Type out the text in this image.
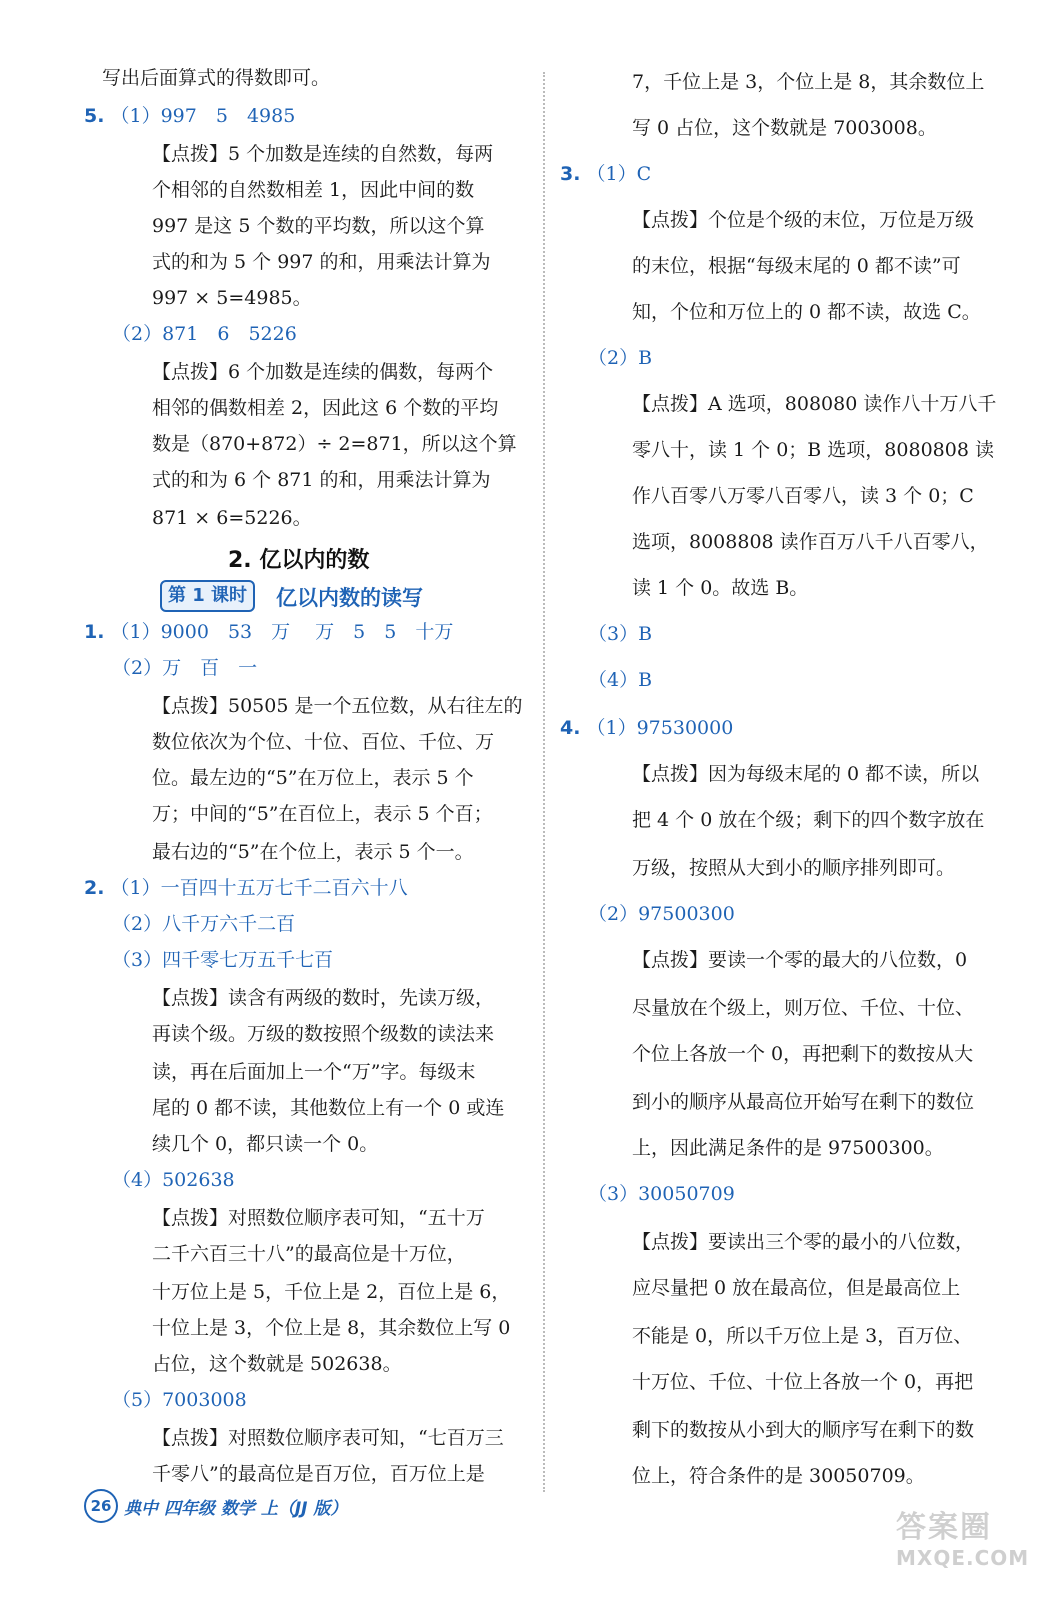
写出后面算式的得数即可。
5. （1）997　5　4985
【点拨】5 个加数是连续的自然数，每两
个相邻的自然数相差 1，因此中间的数
997 是这 5 个数的平均数，所以这个算
式的和为 5 个 997 的和，用乘法计算为
997 × 5=4985。
（2）871　6　5226
【点拨】6 个加数是连续的偶数，每两个
相邻的偶数相差 2，因此这 6 个数的平均
数是（870+872）÷ 2=871，所以这个算
式的和为 6 个 871 的和，用乘法计算为
871 × 6=5226。
2. 亿以内的数
第 1 课时	亿以内数的读写
1. （1）9000　53　万　 万　5　5　十万
（2）万　百　一
【点拨】50505 是一个五位数，从右往左的
数位依次为个位、十位、百位、千位、万
位。最左边的“5”在万位上，表示 5 个
万；中间的“5”在百位上，表示 5 个百；
最右边的“5”在个位上，表示 5 个一。
2. （1）一百四十五万七千二百六十八
（2）八千万六千二百
（3）四千零七万五千七百
【点拨】读含有两级的数时，先读万级，
再读个级。万级的数按照个级数的读法来
读，再在后面加上一个“万”字。每级末
尾的 0 都不读，其他数位上有一个 0 或连
续几个 0，都只读一个 0。
（4）502638
【点拨】对照数位顺序表可知，“五十万
二千六百三十八”的最高位是十万位，
十万位上是 5，千位上是 2，百位上是 6，
十位上是 3，个位上是 8，其余数位上写 0
占位，这个数就是 502638。
（5）7003008
【点拨】对照数位顺序表可知，“七百万三
千零八”的最高位是百万位，百万位上是
7，千位上是 3，个位上是 8，其余数位上
写 0 占位，这个数就是 7003008。
3. （1）C
【点拨】个位是个级的末位，万位是万级
的末位，根据“每级末尾的 0 都不读”可
知，个位和万位上的 0 都不读，故选 C。
（2）B
【点拨】A 选项，808080 读作八十万八千
零八十，读 1 个 0；B 选项，8080808 读
作八百零八万零八百零八，读 3 个 0；C
选项，8008808 读作百万八千八百零八，
读 1 个 0。故选 B。
（3）B
（4）B
4. （1）97530000
【点拨】因为每级末尾的 0 都不读，所以
把 4 个 0 放在个级；剩下的四个数字放在
万级，按照从大到小的顺序排列即可。
（2）97500300
【点拨】要读一个零的最大的八位数，0
尽量放在个级上，则万位、千位、十位、
个位上各放一个 0，再把剩下的数按从大
到小的顺序从最高位开始写在剩下的数位
上，因此满足条件的是 97500300。
（3）30050709
【点拨】要读出三个零的最小的八位数，
应尽量把 0 放在最高位，但是最高位上
不能是 0，所以千万位上是 3，百万位、
十万位、千位、十位上各放一个 0，再把
剩下的数按从小到大的顺序写在剩下的数
位上，符合条件的是 30050709。
26 典中 四年级 数学 上（JJ 版）
答案圈
MXQE.COM
